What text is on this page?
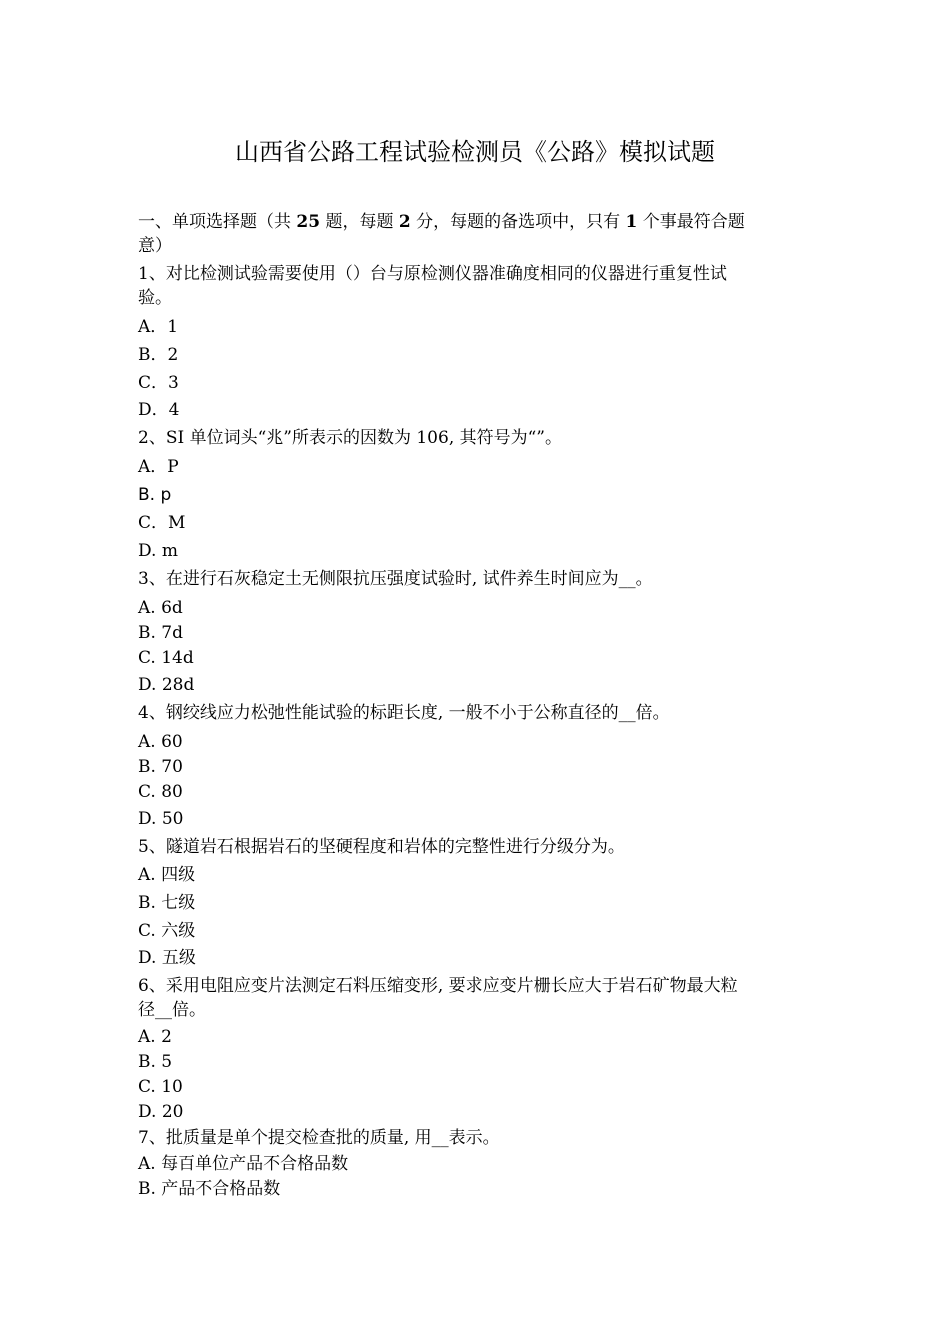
山西省公路工程试验检测员《公路》模拟试题
一、单项选择题（共 25 题，每题 2 分，每题的备选项中，只有 1 个事最符合题
意）
1、对比检测试验需要使用（）台与原检测仪器准确度相同的仪器进行重复性试
验。
A．1
B．2
C．3
D．4
2、SI 单位词头“兆”所表示的因数为 106, 其符号为“”。
A．P
B. p
C．M
D. m
3、在进行石灰稳定土无侧限抗压强度试验时, 试件养生时间应为__。
A. 6d
B. 7d
C. 14d
D. 28d
4、钢绞线应力松弛性能试验的标距长度, 一般不小于公称直径的__倍。
A. 60
B. 70
C. 80
D. 50
5、隧道岩石根据岩石的坚硬程度和岩体的完整性进行分级分为。
A. 四级
B. 七级
C. 六级
D. 五级
6、采用电阻应变片法测定石料压缩变形, 要求应变片栅长应大于岩石矿物最大粒
径__倍。
A. 2
B. 5
C. 10
D. 20
7、批质量是单个提交检查批的质量, 用__表示。
A. 每百单位产品不合格品数
B. 产品不合格品数
